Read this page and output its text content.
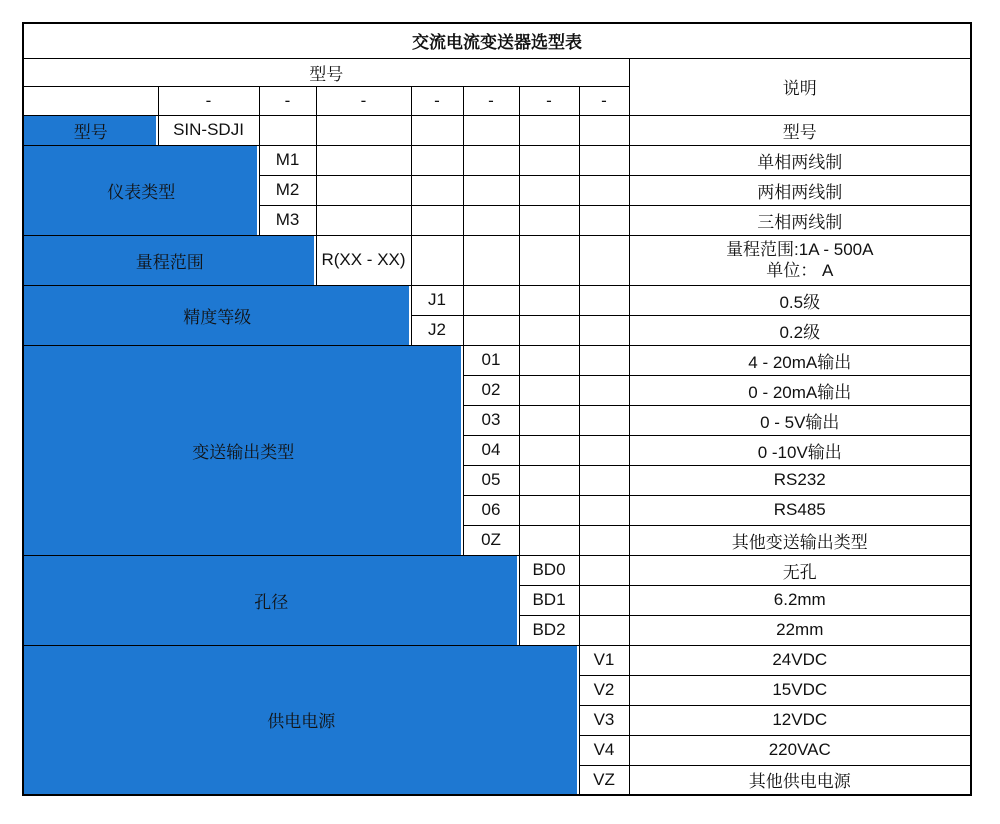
交流电流变送器选型表								
型号								说明
	-	-	-	-	-	-	-	
型号	SIN-SDJI							型号
仪表类型		M1						单相两线制
		M2						两相两线制
		M3						三相两线制
量程范围			R(XX - XX)					量程范围:1A - 500A
单位： A

精度等级				J1				0.5级
				J2				0.2级
变送输出类型					01			4 - 20mA输出
					02			0 - 20mA输出
					03			0 - 5V输出
					04			0 -10V输出
					05			RS232
					06			RS485
					0Z			其他变送输出类型
孔径						BD0		无孔
						BD1		6.2mm
						BD2		22mm
供电电源							V1	24VDC
							V2	15VDC
							V3	12VDC
							V4	220VAC
							VZ	其他供电电源
